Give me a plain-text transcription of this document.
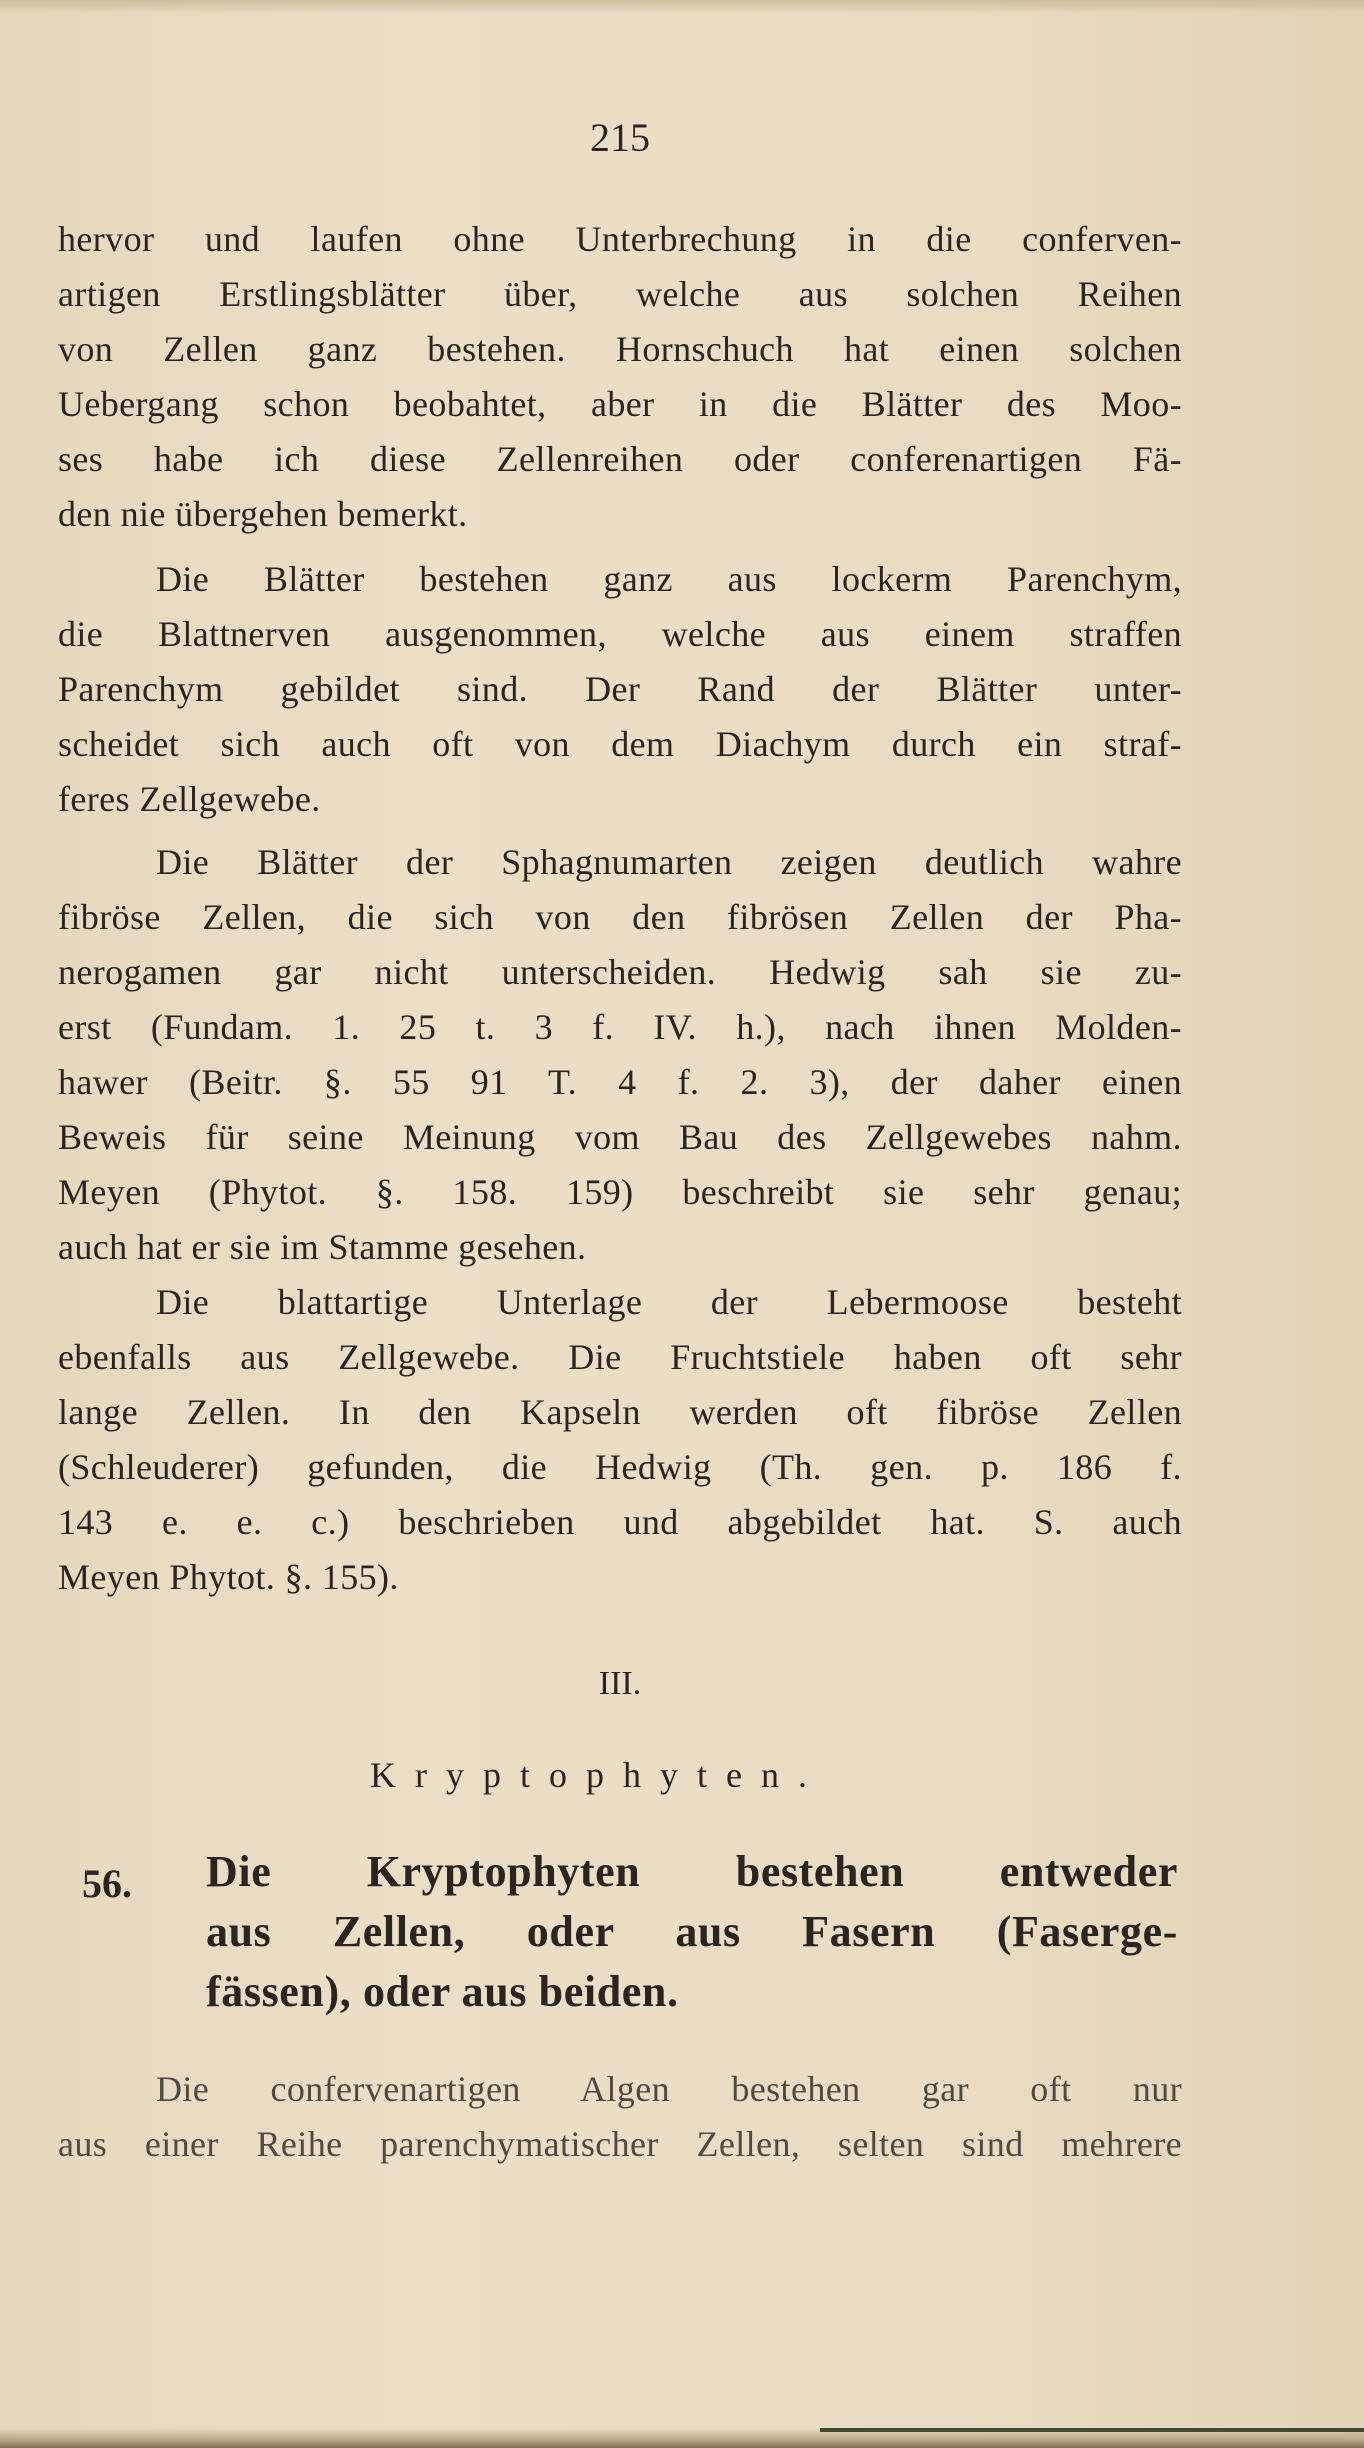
215
hervor und laufen ohne Unterbrechung in die conferven-
artigen Erstlingsblätter über, welche aus solchen Reihen
von Zellen ganz bestehen. Hornschuch hat einen solchen
Uebergang schon beobahtet, aber in die Blätter des Moo-
ses habe ich diese Zellenreihen oder conferenartigen Fä-
den nie übergehen bemerkt.
Die Blätter bestehen ganz aus lockerm Parenchym,
die Blattnerven ausgenommen, welche aus einem straffen
Parenchym gebildet sind. Der Rand der Blätter unter-
scheidet sich auch oft von dem Diachym durch ein straf-
feres Zellgewebe.
Die Blätter der Sphagnumarten zeigen deutlich wahre
fibröse Zellen, die sich von den fibrösen Zellen der Pha-
nerogamen gar nicht unterscheiden. Hedwig sah sie zu-
erst (Fundam. 1. 25 t. 3 f. IV. h.), nach ihnen Molden-
hawer (Beitr. §. 55 91 T. 4 f. 2. 3), der daher einen
Beweis für seine Meinung vom Bau des Zellgewebes nahm.
Meyen (Phytot. §. 158. 159) beschreibt sie sehr genau;
auch hat er sie im Stamme gesehen.
Die blattartige Unterlage der Lebermoose besteht
ebenfalls aus Zellgewebe. Die Fruchtstiele haben oft sehr
lange Zellen. In den Kapseln werden oft fibröse Zellen
(Schleuderer) gefunden, die Hedwig (Th. gen. p. 186 f.
143 e. e. c.) beschrieben und abgebildet hat. S. auch
Meyen Phytot. §. 155).
III.
Kryptophyten.
56. Die Kryptophyten bestehen entweder
aus Zellen, oder aus Fasern (Faserge-
fässen), oder aus beiden.
Die confervenartigen Algen bestehen gar oft nur
aus einer Reihe parenchymatischer Zellen, selten sind mehrere
